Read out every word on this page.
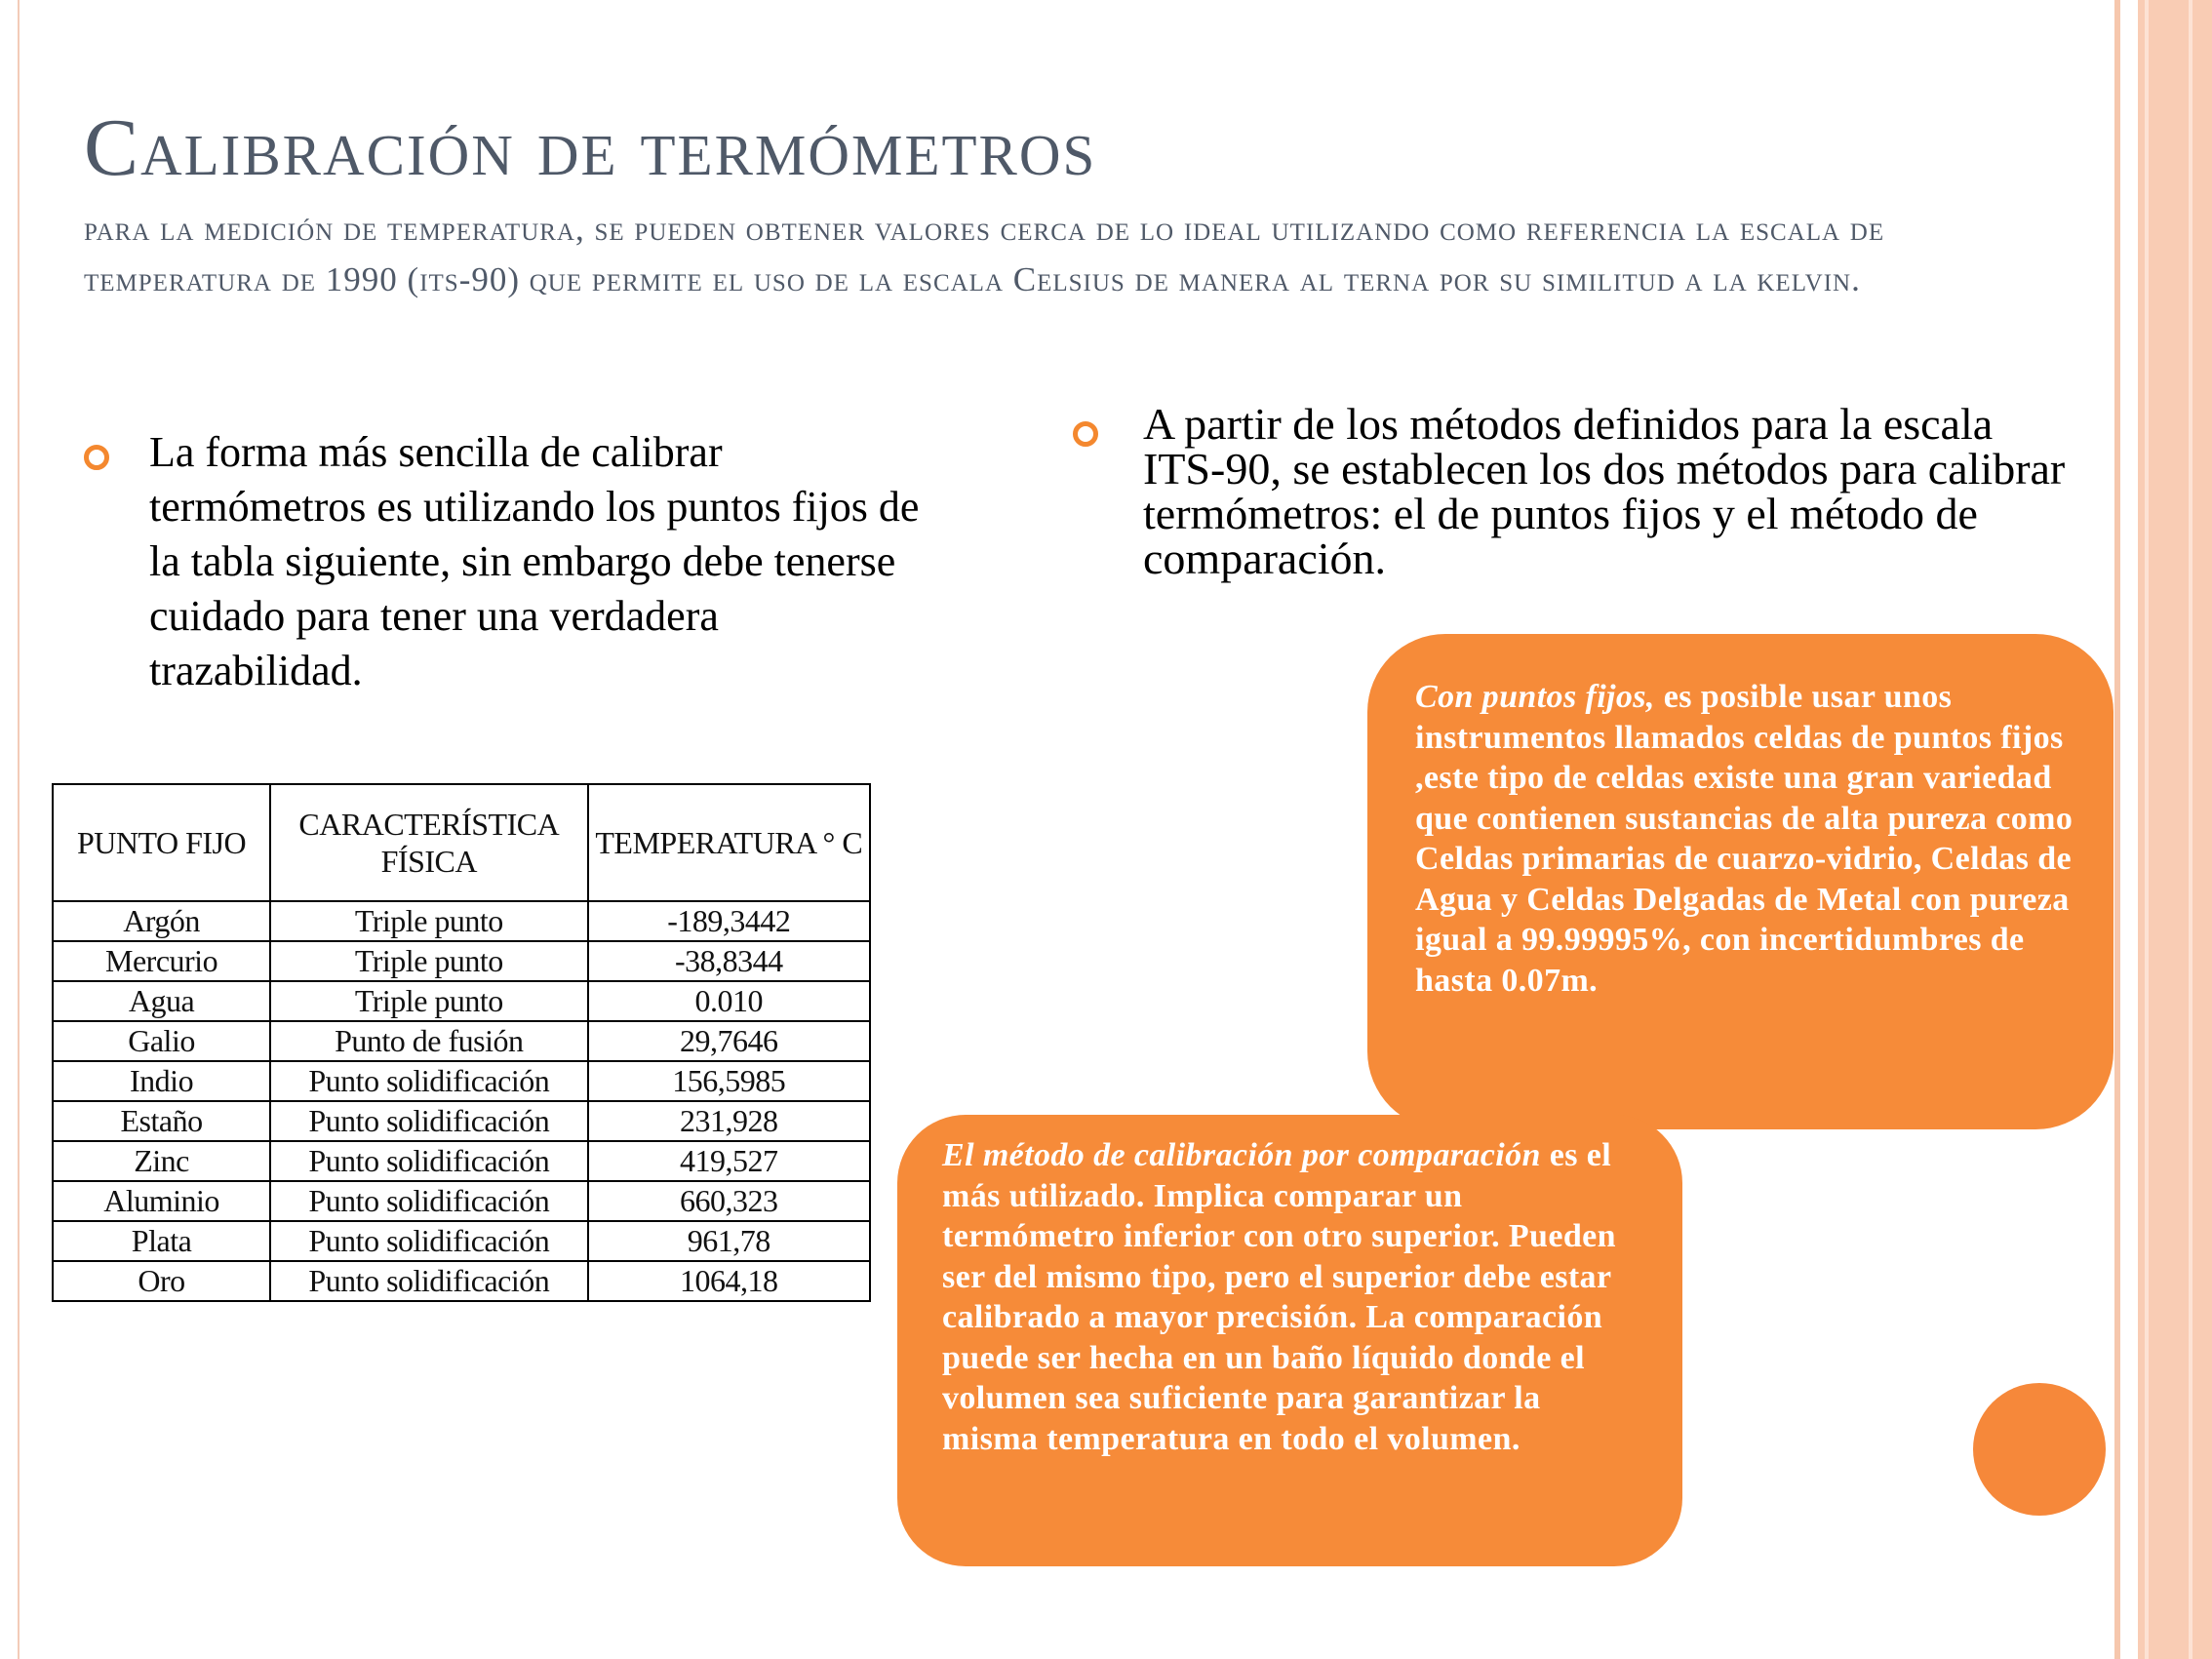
Calibración de termómetros

para la medición de temperatura, se pueden obtener valores cerca de lo ideal utilizando como referencia la escala de temperatura de 1990 (its-90) que permite el uso de la escala Celsius de manera al terna por su similitud a la kelvin.

La forma más sencilla de calibrar termómetros es utilizando los puntos fijos de la tabla siguiente, sin embargo debe tenerse cuidado para tener una verdadera trazabilidad.
A partir de los métodos definidos para la escala ITS-90, se establecen los dos métodos para calibrar termómetros: el de puntos fijos y el método de comparación.
PUNTO FIJO	CARACTERÍSTICA FÍSICA	TEMPERATURA ° C
Argón	Triple punto	-189,3442
Mercurio	Triple punto	-38,8344
Agua	Triple punto	0.010
Galio	Punto de fusión	29,7646
Indio	Punto solidificación	156,5985
Estaño	Punto solidificación	231,928
Zinc	Punto solidificación	419,527
Aluminio	Punto solidificación	660,323
Plata	Punto solidificación	961,78
Oro	Punto solidificación	1064,18
Con puntos fijos, es posible usar unos instrumentos llamados celdas de puntos fijos ,este tipo de celdas existe una gran variedad que contienen sustancias de alta pureza como Celdas primarias de cuarzo-vidrio, Celdas de Agua y Celdas Delgadas de Metal con pureza igual a 99.99995%, con incertidumbres de hasta 0.07m.
El método de calibración por comparación es el más utilizado. Implica comparar un termómetro inferior con otro superior. Pueden ser del mismo tipo, pero el superior debe estar calibrado a mayor precisión. La comparación puede ser hecha en un baño líquido donde el volumen sea suficiente para garantizar la misma temperatura en todo el volumen.
